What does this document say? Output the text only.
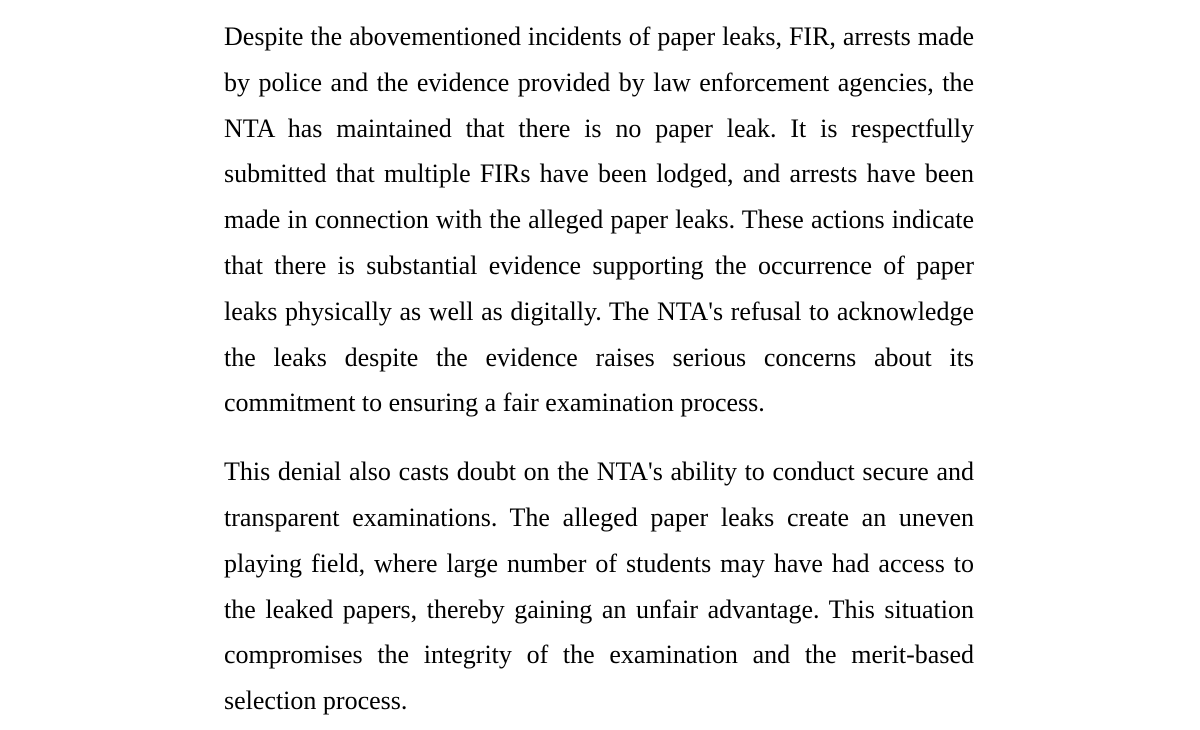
Despite the abovementioned incidents of paper leaks, FIR, arrests made by police and the evidence provided by law enforcement agencies, the NTA has maintained that there is no paper leak. It is respectfully submitted that multiple FIRs have been lodged, and arrests have been made in connection with the alleged paper leaks. These actions indicate that there is substantial evidence supporting the occurrence of paper leaks physically as well as digitally. The NTA's refusal to acknowledge the leaks despite the evidence raises serious concerns about its commitment to ensuring a fair examination process.

This denial also casts doubt on the NTA's ability to conduct secure and transparent examinations. The alleged paper leaks create an uneven playing field, where large number of students may have had access to the leaked papers, thereby gaining an unfair advantage. This situation compromises the integrity of the examination and the merit-based selection process.
